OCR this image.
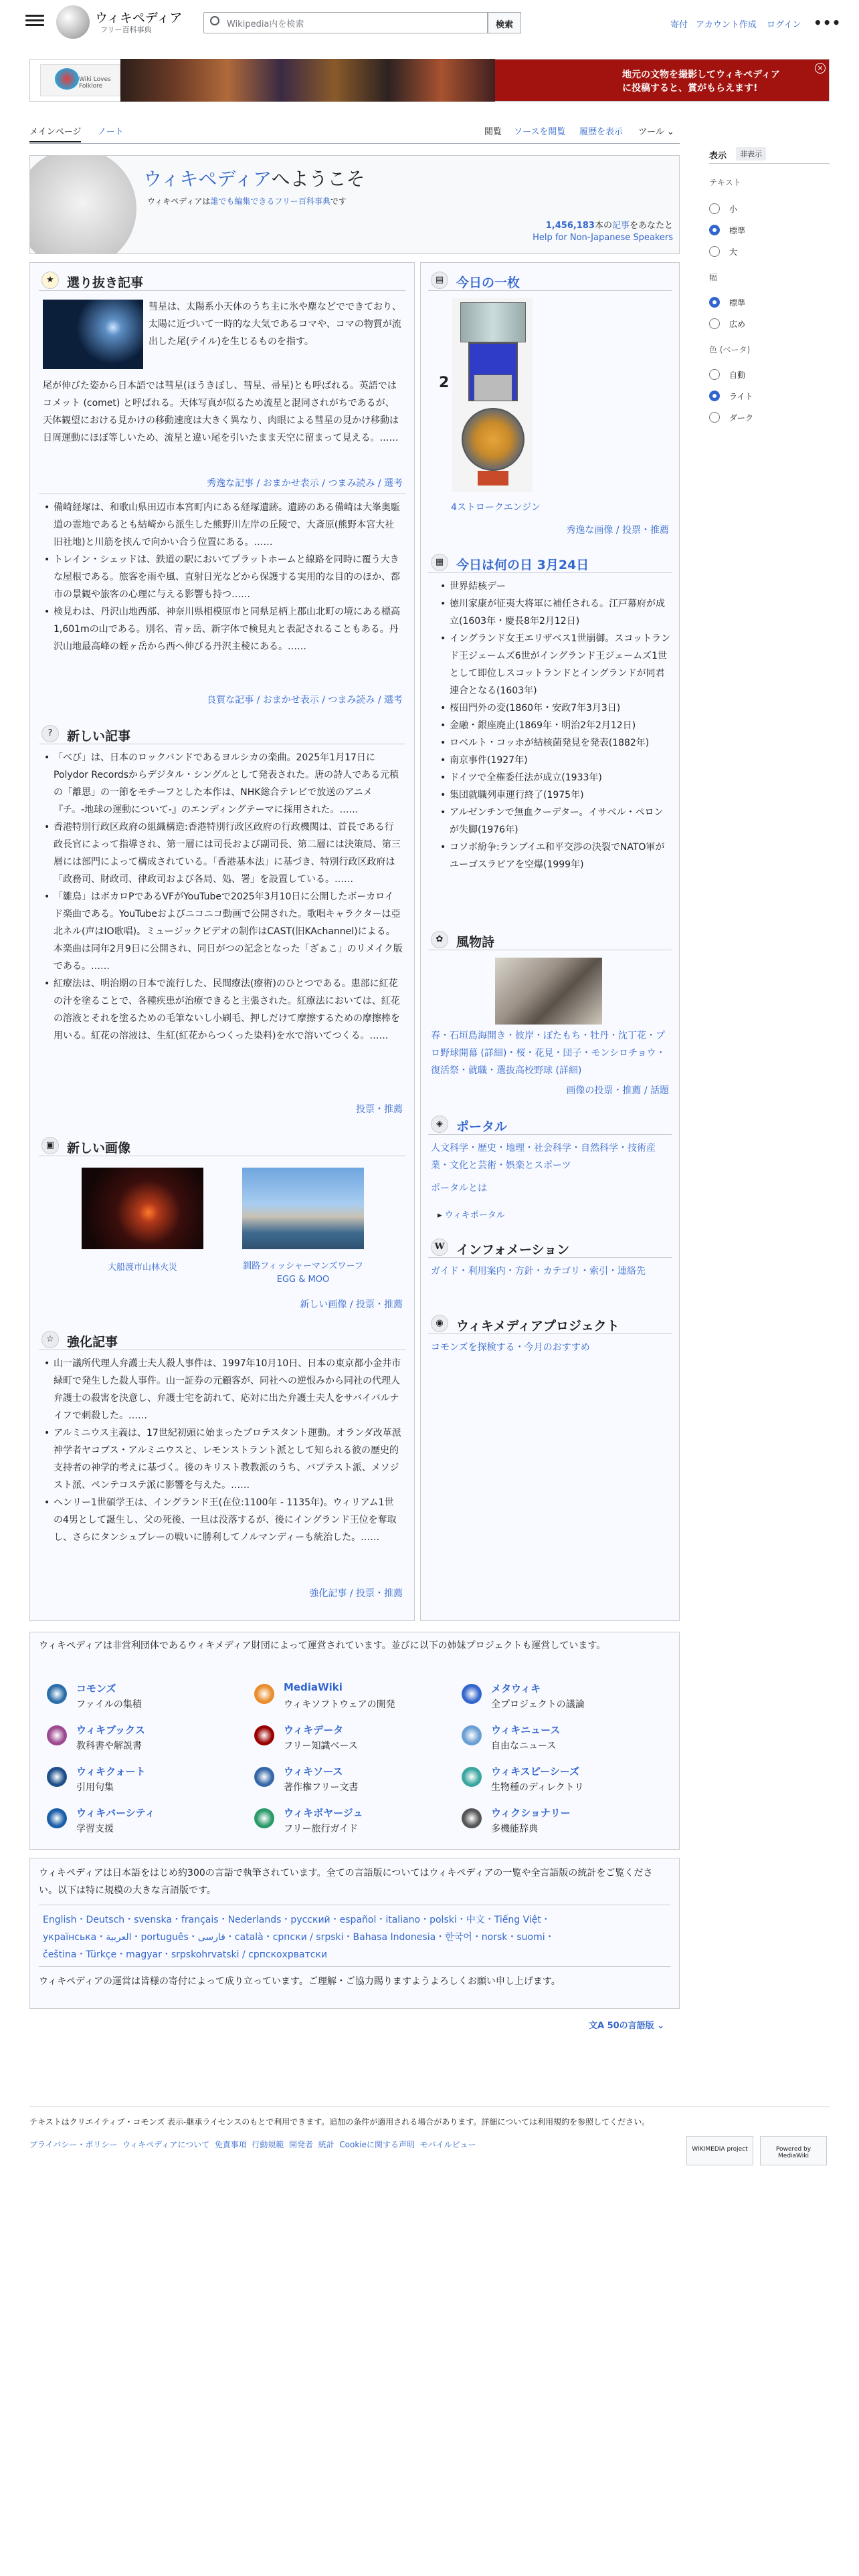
ウィキペディア
フリー百科事典
Wikipedia内を検索	検索	寄付 アカウント作成 ログイン •••
Wiki Loves Folklore
地元の文物を撮影してウィキペディア
に投稿すると、賞がもらえます!
×
メインページ ノート	閲覧 ソースを閲覧 履歴を表示 ツール ⌄
表示	非表示
テキスト
小
標準
大
幅
標準
広め
色 (ベータ)
自動
ライト
ダーク
ウィキペディアへようこそ
ウィキペディアは誰でも編集できるフリー百科事典です
1,456,183本の記事をあなたと
Help for Non-Japanese Speakers
★	選り抜き記事
彗星は、太陽系小天体のうち主に氷や塵などでできており、太陽に近づいて一時的な大気であるコマや、コマの物質が流出した尾(テイル)を生じるものを指す。
尾が伸びた姿から日本語では彗星(ほうきぼし、彗星、帚星)とも呼ばれる。英語ではコメット (comet) と呼ばれる。天体写真が似るため流星と混同されがちであるが、天体観望における見かけの移動速度は大きく異なり、肉眼による彗星の見かけ移動は日周運動にほぼ等しいため、流星と違い尾を引いたまま天空に留まって見える。……
秀逸な記事 / おまかせ表示 / つまみ読み / 選考
• 備崎経塚は、和歌山県田辺市本宮町内にある経塚遺跡。遺跡のある備崎は大峯奥駈道の霊地であるとも結崎から派生した熊野川左岸の丘陵で、大斎原(熊野本宮大社旧社地)と川筋を挟んで向かい合う位置にある。……
• トレイン・シェッドは、鉄道の駅においてプラットホームと線路を同時に覆う大きな屋根である。旅客を雨や風、直射日光などから保護する実用的な目的のほか、都市の景観や旅客の心理に与える影響も持つ……
• 検見わは、丹沢山地西部、神奈川県相模原市と同県足柄上郡山北町の境にある標高1,601mの山である。別名、青ヶ岳、新字体で検見丸と表記されることもある。丹沢山地最高峰の蛭ヶ岳から西へ伸びる丹沢主稜にある。……
良質な記事 / おまかせ表示 / つまみ読み / 選考
?	新しい記事
• 「べび」は、日本のロックバンドであるヨルシカの楽曲。2025年1月17日にPolydor Recordsからデジタル・シングルとして発表された。唐の詩人である元稹の「離思」の一節をモチーフとした本作は、NHK総合テレビで放送のアニメ『チ。-地球の運動について-』のエンディングテーマに採用された。……
• 香港特別行政区政府の組織構造:香港特別行政区政府の行政機関は、首長である行政長官によって指導され、第一層には司長および副司長、第二層には決策局、第三層には部門によって構成されている。「香港基本法」に基づき、特別行政区政府は「政務司、財政司、律政司および各局、処、署」を設置している。……
• 「雛鳥」はボカロPであるVFがYouTubeで2025年3月10日に公開したボーカロイド楽曲である。YouTubeおよびニコニコ動画で公開された。歌唱キャラクターは亞北ネル(声はIO歌唱)。ミュージックビデオの制作はCAST(旧KAchannel)による。本楽曲は同年2月9日に公開され、同日がつの記念となった「ざぁこ」のリメイク版である。……
• 紅療法は、明治期の日本で流行した、民間療法(療術)のひとつである。患部に紅花の汁を塗ることで、各種疾患が治療できると主張された。紅療法においては、紅花の溶液とそれを塗るための毛筆ないし小刷毛、押しだけて摩擦するための摩擦棒を用いる。紅花の溶液は、生紅(紅花からつくった染料)を水で溶いてつくる。……
投票・推薦
▣ 新しい画像
大船渡市山林火災	釧路フィッシャーマンズワーフEGG & MOO
新しい画像 / 投票・推薦
☆	強化記事
• 山一議所代理人弁護士夫人殺人事件は、1997年10月10日、日本の東京都小金井市緑町で発生した殺人事件。山一証券の元顧客が、同社への逆恨みから同社の代理人弁護士の殺害を決意し、弁護士宅を訪れて、応対に出た弁護士夫人をサバイバルナイフで刺殺した。……
• アルミニウス主義は、17世紀初頭に始まったプロテスタント運動。オランダ改革派神学者ヤコブス・アルミニウスと、レモンストラント派として知られる彼の歴史的支持者の神学的考えに基づく。後のキリスト教教派のうち、バプテスト派、メソジスト派、ペンテコステ派に影響を与えた。……
• ヘンリー1世碩学王は、イングランド王(在位:1100年 - 1135年)。ウィリアム1世の4男として誕生し、父の死後、一旦は没落するが、後にイングランド王位を奪取し、さらにタンシュブレーの戦いに勝利してノルマンディーも統治した。……
強化記事 / 投票・推薦
▤ 今日の一枚
2
4ストロークエンジン
秀逸な画像 / 投票・推薦
▦ 今日は何の日 3月24日
• 世界結核デー
• 徳川家康が征夷大将軍に補任される。江戸幕府が成立(1603年・慶長8年2月12日)
• イングランド女王エリザベス1世崩御。スコットランド王ジェームズ6世がイングランド王ジェームズ1世として即位しスコットランドとイングランドが同君連合となる(1603年)
• 桜田門外の変(1860年・安政7年3月3日)
• 金融・銀座廃止(1869年・明治2年2月12日)
• ロベルト・コッホが結核菌発見を発表(1882年)
• 南京事件(1927年)
• ドイツで全権委任法が成立(1933年)
• 集団就職列車運行終了(1975年)
• アルゼンチンで無血クーデター。イサベル・ペロンが失脚(1976年)
• コソボ紛争:ランブイエ和平交渉の決裂でNATO軍がユーゴスラビアを空爆(1999年)
✿	風物詩
春・石垣島海開き・彼岸・ぼたもち・牡丹・沈丁花・プロ野球開幕 (詳細)・桜・花見・団子・モンシロチョウ・復活祭・就職・選抜高校野球 (詳細)
画像の投票・推薦 / 話題
◈	ポータル
人文科学・歴史・地理・社会科学・自然科学・技術産業・文化と芸術・娯楽とスポーツ
ポータルとは
▸ ウィキポータル
W インフォメーション
ガイド・利用案内・方針・カテゴリ・索引・連絡先
◉	ウィキメディアプロジェクト
コモンズを探検する・今月のおすすめ
ウィキペディアは非営利団体であるウィキメディア財団によって運営されています。並びに以下の姉妹プロジェクトも運営しています。
コモンズ
ファイルの集積
MediaWiki
ウィキソフトウェアの開発
メタウィキ
全プロジェクトの議論
ウィキブックス
教科書や解説書
ウィキデータ
フリー知識ベース
ウィキニュース
自由なニュース
ウィキクォート
引用句集
ウィキソース
著作権フリー文書
ウィキスピーシーズ
生物種のディレクトリ
ウィキバーシティ
学習支援
ウィキボヤージュ
フリー旅行ガイド
ウィクショナリー
多機能辞典
ウィキペディアは日本語をはじめ約300の言語で執筆されています。全ての言語版についてはウィキペディアの一覧や全言語版の統計をご覧ください。以下は特に規模の大きな言語版です。
English・Deutsch・svenska・français・Nederlands・русский・español・italiano・polski・中文・Tiếng Việt・
українська・العربية・português・فارسی・català・српски / srpski・Bahasa Indonesia・한국어・norsk・suomi・
čeština・Türkçe・magyar・srpskohrvatski / српскохрватски
ウィキペディアの運営は皆様の寄付によって成り立っています。ご理解・ご協力賜りますようよろしくお願い申し上げます。
文A 50の言語版 ⌄
テキストはクリエイティブ・コモンズ 表示-継承ライセンスのもとで利用できます。追加の条件が適用される場合があります。詳細については利用規約を参照してください。
プライバシー・ポリシー  ウィキペディアについて  免責事項  行動規範  開発者  統計  Cookieに関する声明  モバイルビュー	WIKIMEDIA project	Powered by MediaWiki
